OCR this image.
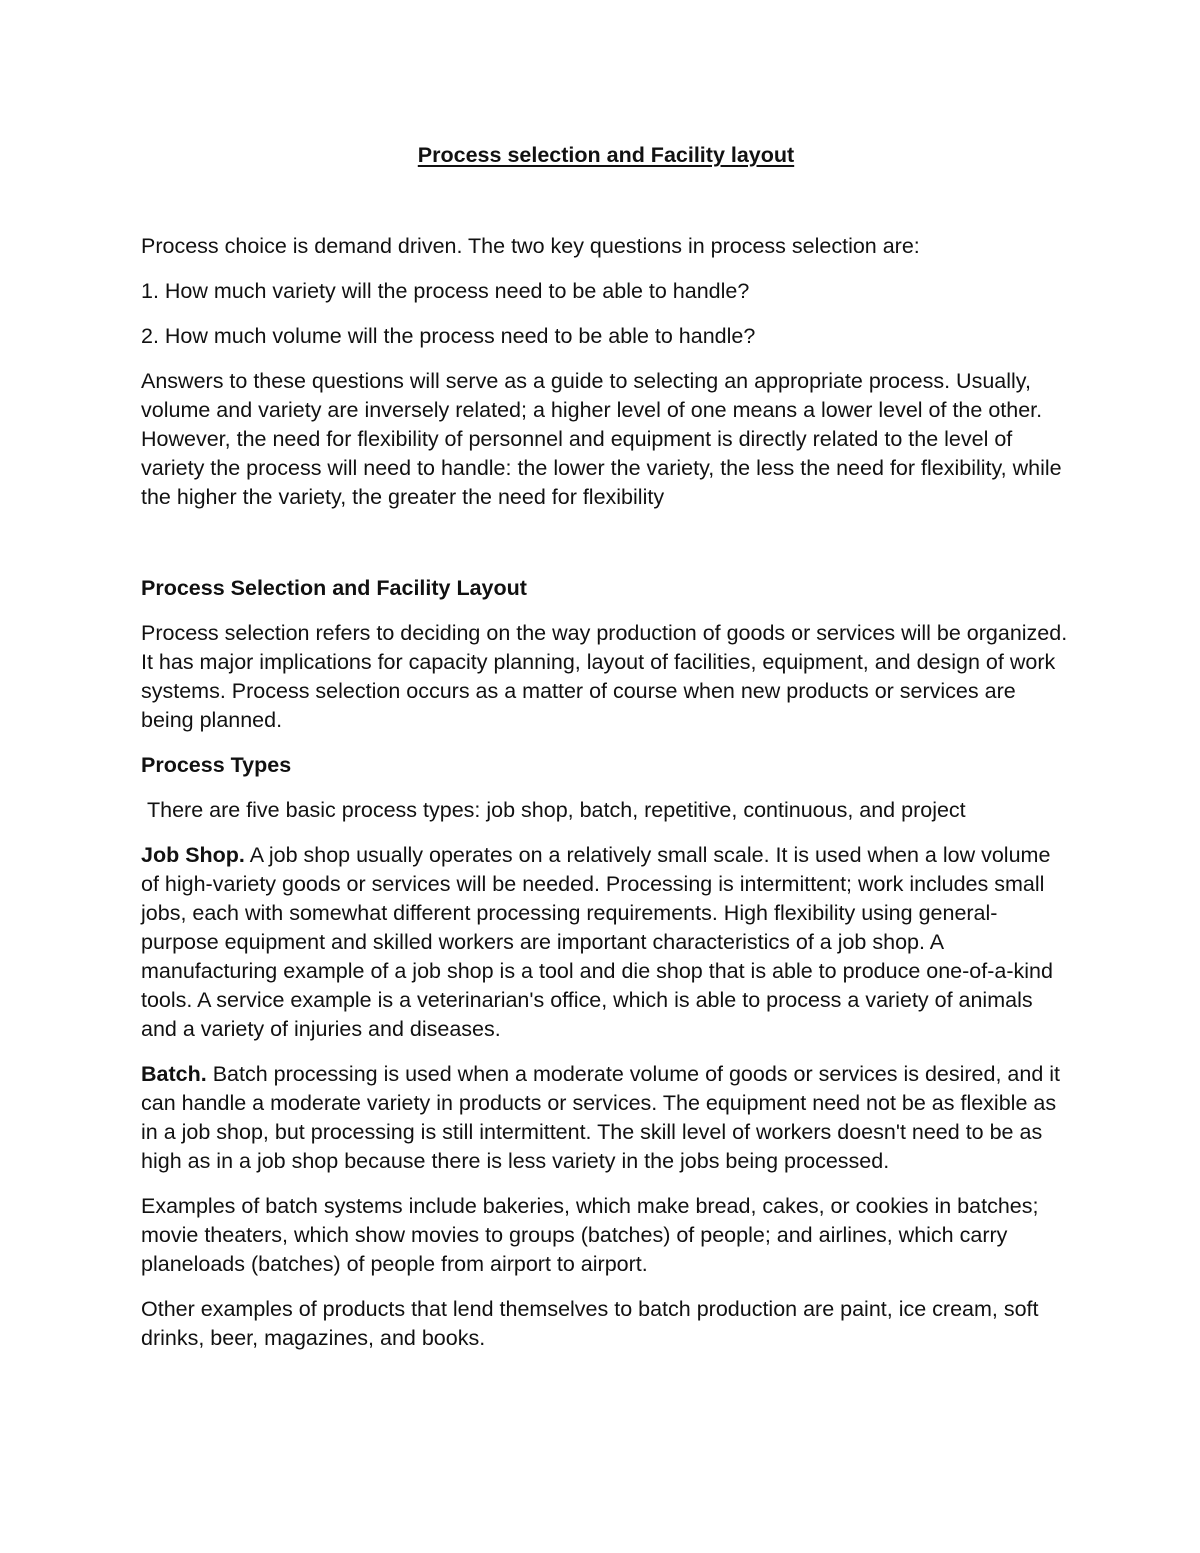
Process selection and Facility layout

Process choice is demand driven. The two key questions in process selection are:

1. How much variety will the process need to be able to handle?

2. How much volume will the process need to be able to handle?

Answers to these questions will serve as a guide to selecting an appropriate process. Usually, volume and variety are inversely related; a higher level of one means a lower level of the other. However, the need for flexibility of personnel and equipment is directly related to the level of variety the process will need to handle: the lower the variety, the less the need for flexibility, while the higher the variety, the greater the need for flexibility

Process Selection and Facility Layout

Process selection refers to deciding on the way production of goods or services will be organized. It has major implications for capacity planning, layout of facilities, equipment, and design of work systems. Process selection occurs as a matter of course when new products or services are being planned.

Process Types

There are five basic process types: job shop, batch, repetitive, continuous, and project

Job Shop. A job shop usually operates on a relatively small scale. It is used when a low volume of high-variety goods or services will be needed. Processing is intermittent; work includes small jobs, each with somewhat different processing requirements. High flexibility using general-purpose equipment and skilled workers are important characteristics of a job shop. A manufacturing example of a job shop is a tool and die shop that is able to produce one-of-a-kind tools. A service example is a veterinarian's office, which is able to process a variety of animals and a variety of injuries and diseases.

Batch. Batch processing is used when a moderate volume of goods or services is desired, and it can handle a moderate variety in products or services. The equipment need not be as flexible as in a job shop, but processing is still intermittent. The skill level of workers doesn't need to be as high as in a job shop because there is less variety in the jobs being processed.

Examples of batch systems include bakeries, which make bread, cakes, or cookies in batches; movie theaters, which show movies to groups (batches) of people; and airlines, which carry planeloads (batches) of people from airport to airport.

Other examples of products that lend themselves to batch production are paint, ice cream, soft drinks, beer, magazines, and books.
